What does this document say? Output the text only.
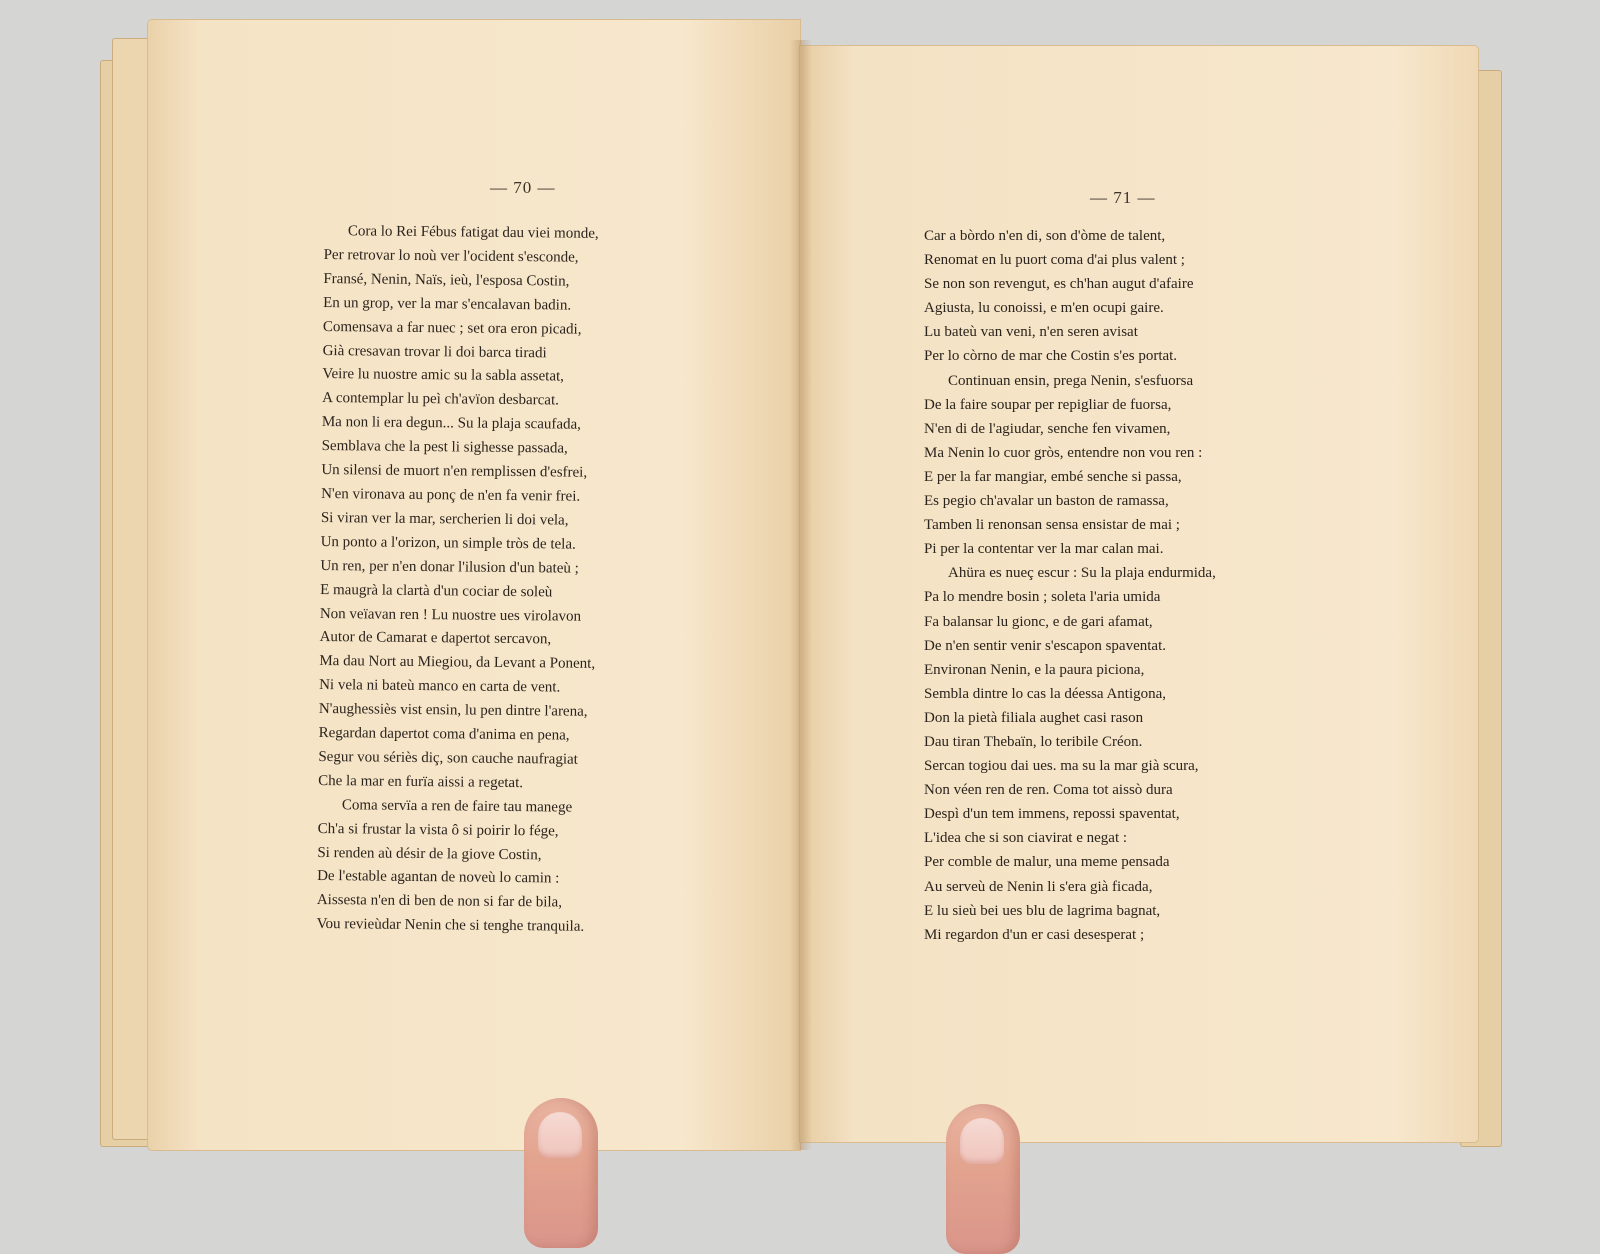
— 70 —
— 71 —
Cora lo Rei Fébus fatigat dau viei monde,
Per retrovar lo noù ver l'ocident s'esconde,
Fransé, Nenin, Naïs, ieù, l'esposa Costin,
En un grop, ver la mar s'encalavan badin.
Comensava a far nuec ; set ora eron picadi,
Già cresavan trovar li doi barca tiradi
Veire lu nuostre amic su la sabla assetat,
A contemplar lu peì ch'avïon desbarcat.
Ma non li era degun... Su la plaja scaufada,
Semblava che la pest li sighesse passada,
Un silensi de muort n'en remplissen d'esfrei,
N'en vironava au ponç de n'en fa venir frei.
Si viran ver la mar, sercherien li doi vela,
Un ponto a l'orizon, un simple tròs de tela.
Un ren, per n'en donar l'ilusion d'un bateù ;
E maugrà la clartà d'un cociar de soleù
Non veïavan ren ! Lu nuostre ues virolavon
Autor de Camarat e dapertot sercavon,
Ma dau Nort au Miegiou, da Levant a Ponent,
Ni vela ni bateù manco en carta de vent.
N'aughessiès vist ensin, lu pen dintre l'arena,
Regardan dapertot coma d'anima en pena,
Segur vou sériès diç, son cauche naufragiat
Che la mar en furïa aissi a regetat.
Coma servïa a ren de faire tau manege
Ch'a si frustar la vista ô si poirir lo fége,
Si renden aù désir de la giove Costin,
De l'estable agantan de noveù lo camin :
Aissesta n'en di ben de non si far de bila,
Vou revieùdar Nenin che si tenghe tranquila.
Car a bòrdo n'en di, son d'òme de talent,
Renomat en lu puort coma d'ai plus valent ;
Se non son revengut, es ch'han augut d'afaire
Agiusta, lu conoissi, e m'en ocupi gaire.
Lu bateù van veni, n'en seren avisat
Per lo còrno de mar che Costin s'es portat.
Continuan ensin, prega Nenin, s'esfuorsa
De la faire soupar per repigliar de fuorsa,
N'en di de l'agiudar, senche fen vivamen,
Ma Nenin lo cuor gròs, entendre non vou ren :
E per la far mangiar, embé senche si passa,
Es pegio ch'avalar un baston de ramassa,
Tamben li renonsan sensa ensistar de mai ;
Pi per la contentar ver la mar calan mai.
Ahüra es nueç escur : Su la plaja endurmida,
Pa lo mendre bosin ; soleta l'aria umida
Fa balansar lu gionc, e de gari afamat,
De n'en sentir venir s'escapon spaventat.
Environan Nenin, e la paura piciona,
Sembla dintre lo cas la déessa Antigona,
Don la pietà filiala aughet casi rason
Dau tiran Thebaïn, lo teribile Créon.
Sercan togiou dai ues. ma su la mar già scura,
Non véen ren de ren. Coma tot aissò dura
Despì d'un tem immens, repossi spaventat,
L'idea che si son ciavirat e negat :
Per comble de malur, una meme pensada
Au serveù de Nenin li s'era già ficada,
E lu sieù bei ues blu de lagrima bagnat,
Mi regardon d'un er casi desesperat ;
